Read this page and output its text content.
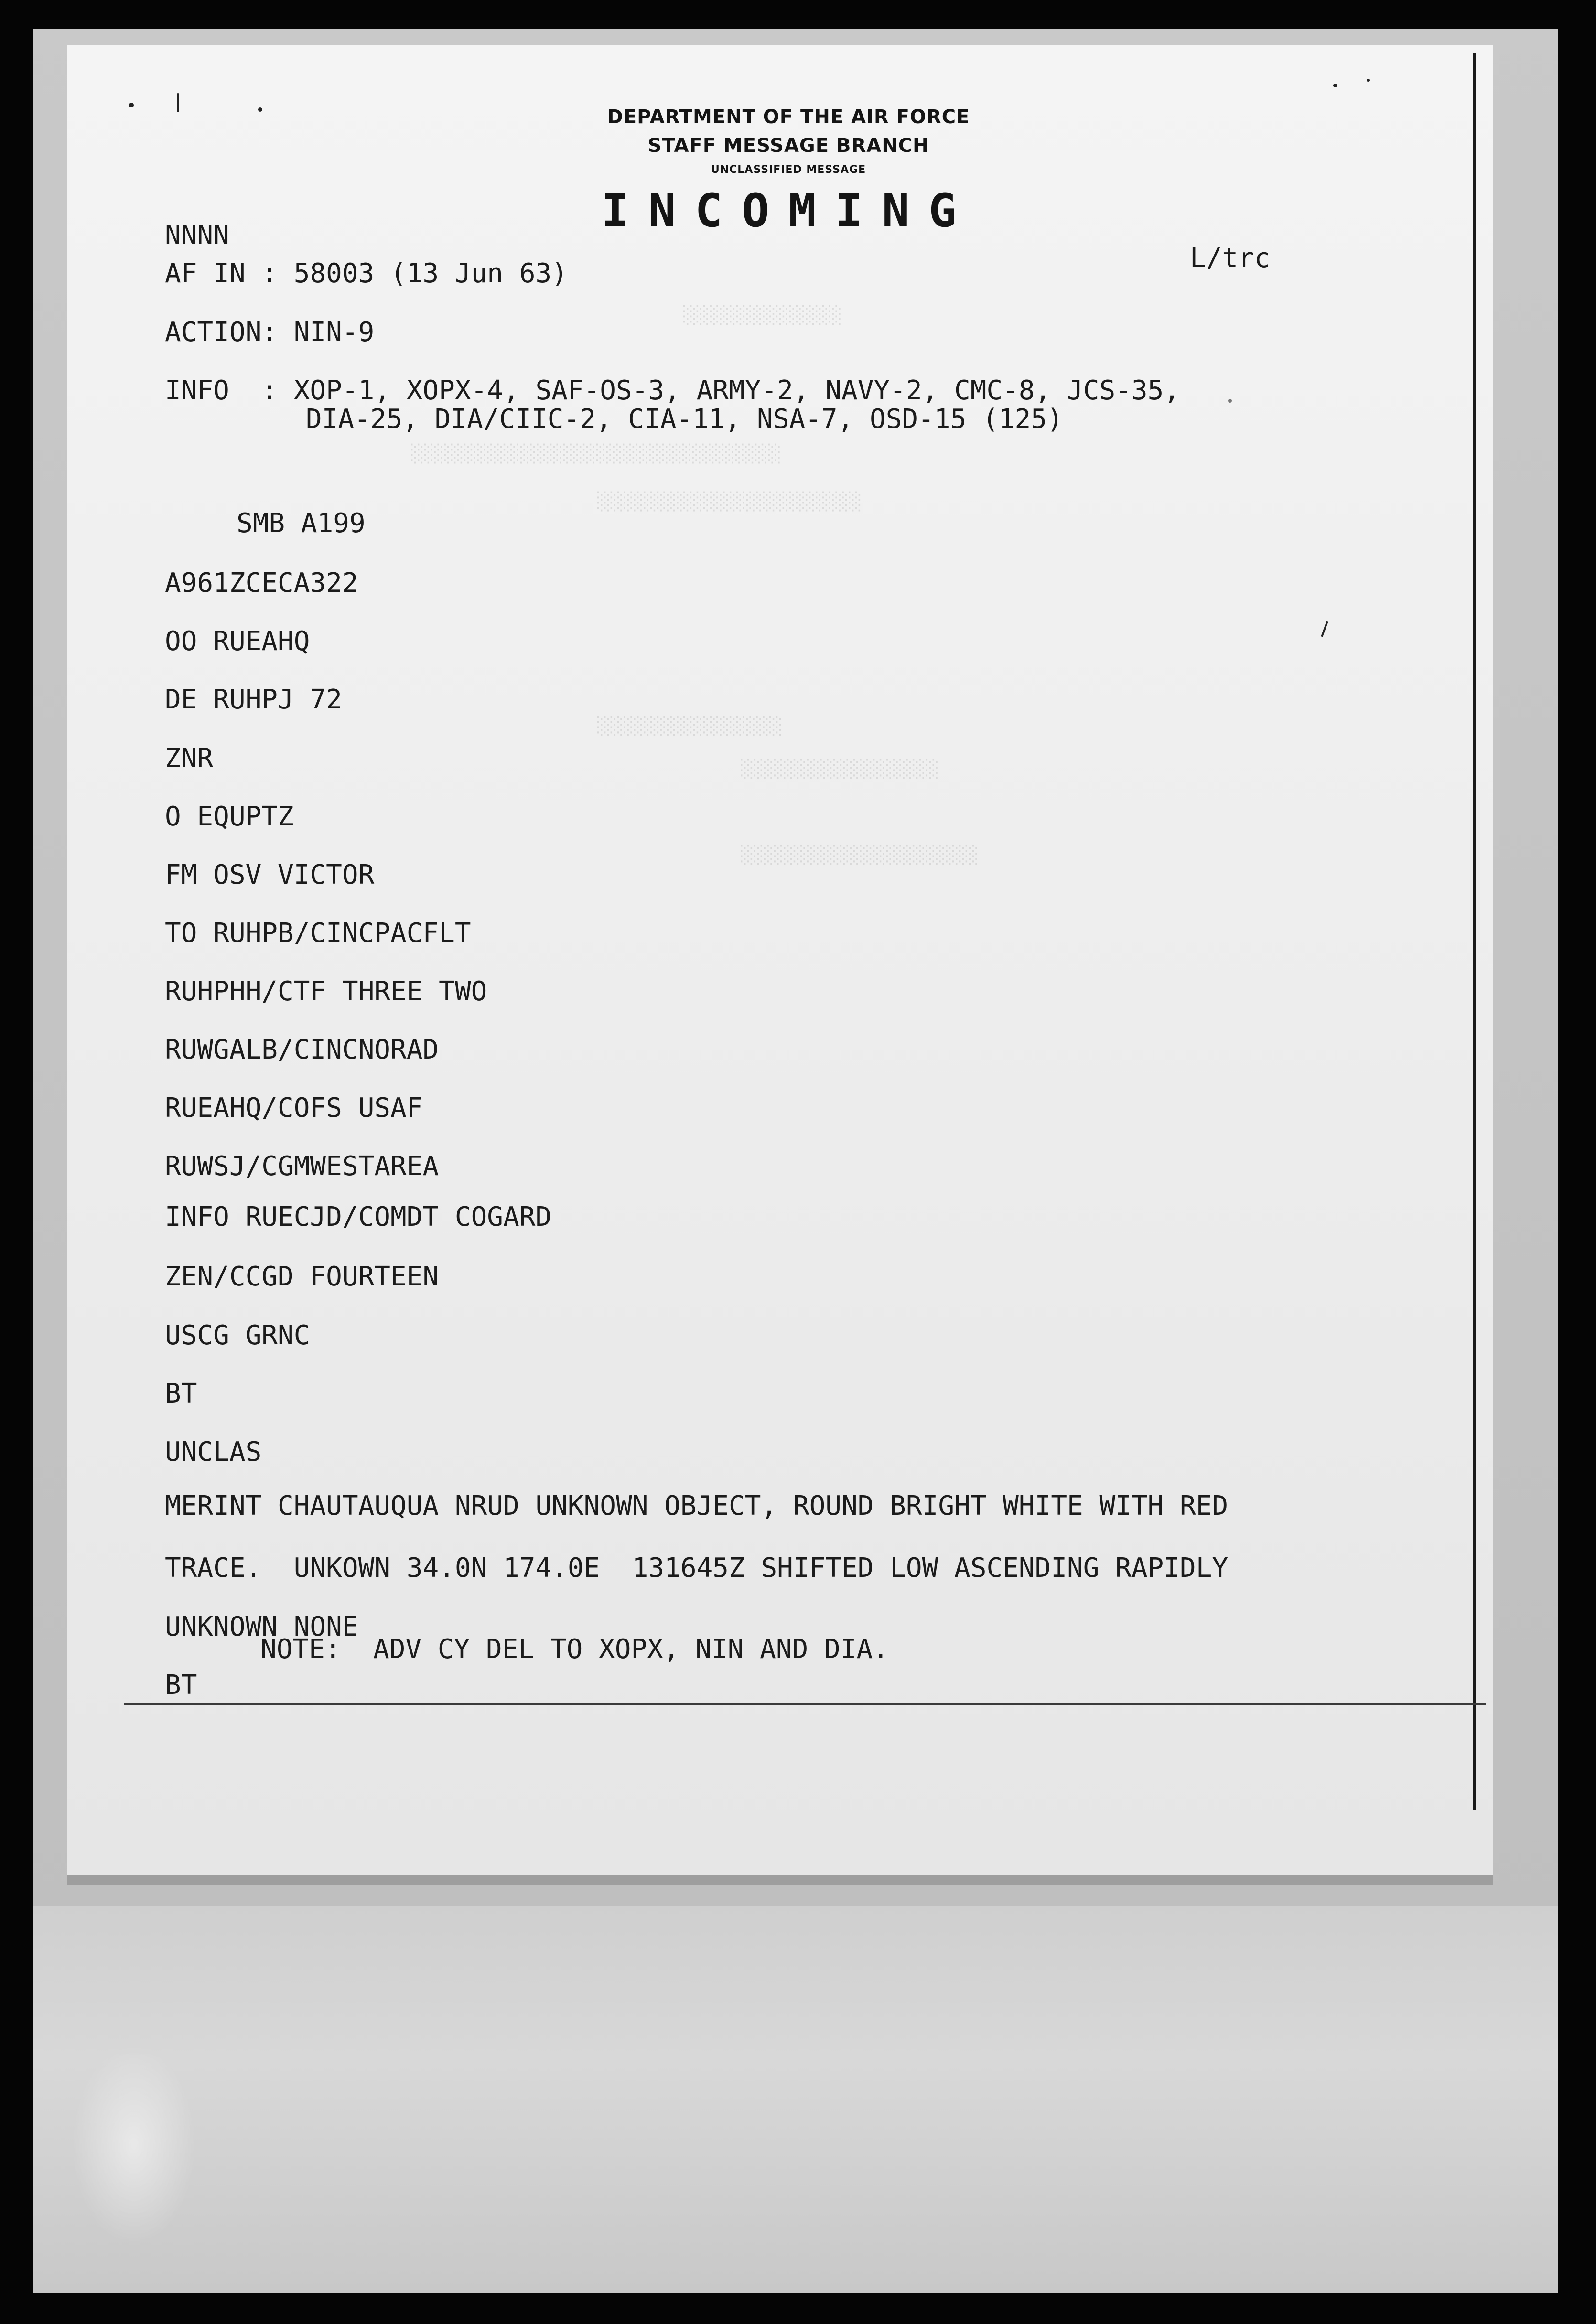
░░░░░░░░░░░░
░░░░░░░░░░░░░░░░░░░░░░░░░░░░
░░░░░░░░░░░░░░░░░░░░
░░░░░░░░░░░░░░
░░░░░░░░░░░░░░░
░░░░░░░░░░░░░░░░░░
DEPARTMENT OF THE AIR FORCE
STAFF MESSAGE BRANCH
UNCLASSIFIED MESSAGE
INCOMING
L/trc
NNNN
AF IN : 58003 (13 Jun 63)
ACTION: NIN-9
INFO  : XOP-1, XOPX-4, SAF-OS-3, ARMY-2, NAVY-2, CMC-8, JCS-35,
DIA-25, DIA/CIIC-2, CIA-11, NSA-7, OSD-15 (125)
SMB A199
A961ZCECA322
OO RUEAHQ
DE RUHPJ 72
ZNR
O EQUPTZ
FM OSV VICTOR
TO RUHPB/CINCPACFLT
RUHPHH/CTF THREE TWO
RUWGALB/CINCNORAD
RUEAHQ/COFS USAF
RUWSJ/CGMWESTAREA
INFO RUECJD/COMDT COGARD
ZEN/CCGD FOURTEEN
USCG GRNC
BT
UNCLAS
MERINT CHAUTAUQUA NRUD UNKNOWN OBJECT, ROUND BRIGHT WHITE WITH RED
TRACE.  UNKOWN 34.0N 174.0E  131645Z SHIFTED LOW ASCENDING RAPIDLY
UNKNOWN NONE
NOTE:  ADV CY DEL TO XOPX, NIN AND DIA.
BT
